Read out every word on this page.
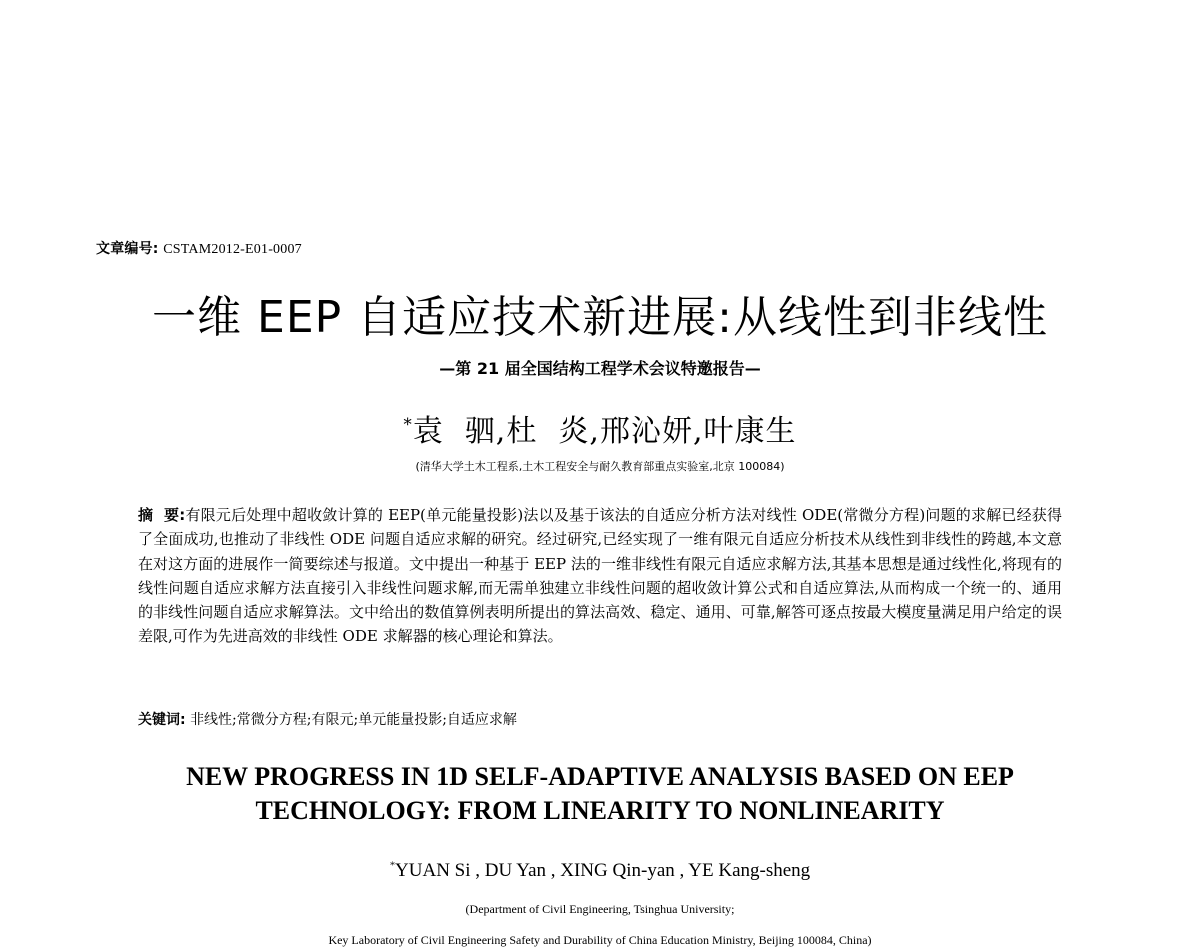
文章编号: CSTAM2012-E01-0007
一维 EEP 自适应技术新进展:从线性到非线性
—第 21 届全国结构工程学术会议特邀报告—
*袁  驷,杜  炎,邢沁妍,叶康生
(清华大学土木工程系,土木工程安全与耐久教育部重点实验室,北京 100084)
摘  要:有限元后处理中超收敛计算的 EEP(单元能量投影)法以及基于该法的自适应分析方法对线性 ODE(常微分方程)问题的求解已经获得了全面成功,也推动了非线性 ODE 问题自适应求解的研究。经过研究,已经实现了一维有限元自适应分析技术从线性到非线性的跨越,本文意在对这方面的进展作一简要综述与报道。文中提出一种基于 EEP 法的一维非线性有限元自适应求解方法,其基本思想是通过线性化,将现有的线性问题自适应求解方法直接引入非线性问题求解,而无需单独建立非线性问题的超收敛计算公式和自适应算法,从而构成一个统一的、通用的非线性问题自适应求解算法。文中给出的数值算例表明所提出的算法高效、稳定、通用、可靠,解答可逐点按最大模度量满足用户给定的误差限,可作为先进高效的非线性 ODE 求解器的核心理论和算法。
关键词: 非线性;常微分方程;有限元;单元能量投影;自适应求解
NEW PROGRESS IN 1D SELF-ADAPTIVE ANALYSIS BASED ON EEP
TECHNOLOGY: FROM LINEARITY TO NONLINEARITY
*YUAN Si , DU Yan , XING Qin-yan , YE Kang-sheng
(Department of Civil Engineering, Tsinghua University;
Key Laboratory of Civil Engineering Safety and Durability of China Education Ministry, Beijing 100084, China)
